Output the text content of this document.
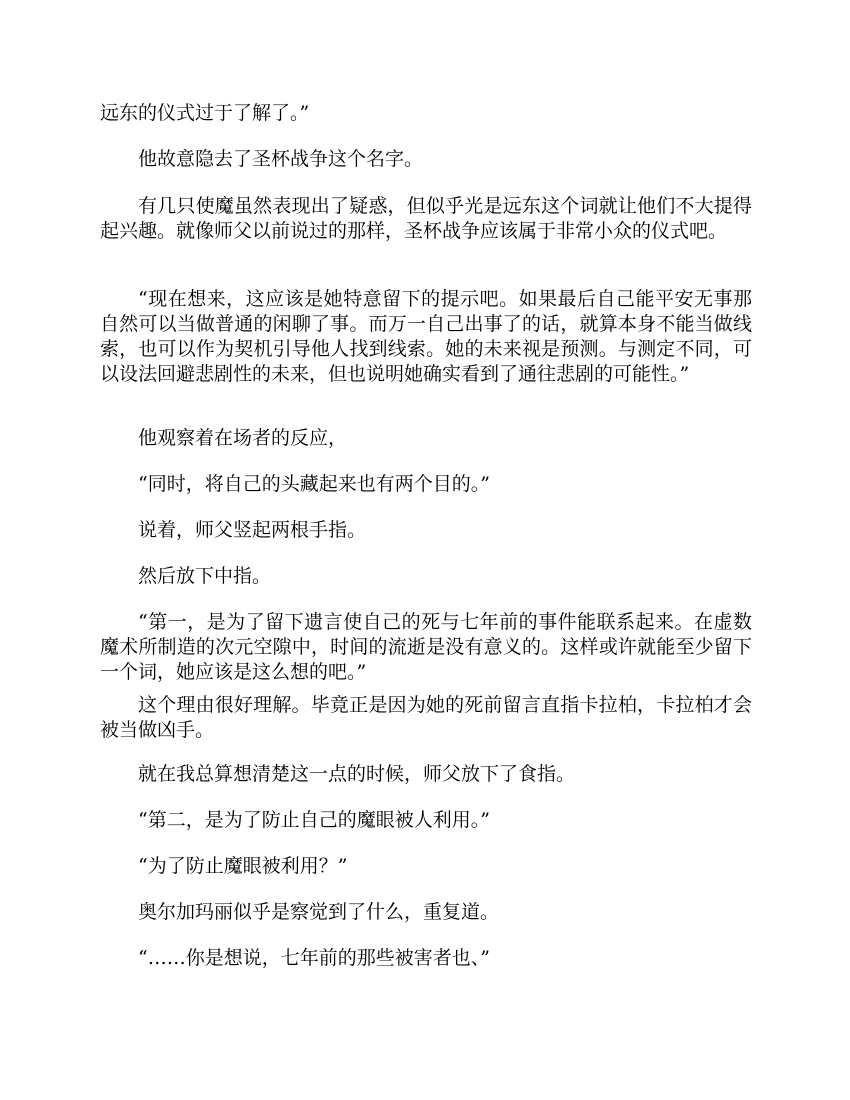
远东的仪式过于了解了。”

他故意隐去了圣杯战争这个名字。

有几只使魔虽然表现出了疑惑，但似乎光是远东这个词就让他们不大提得起兴趣。就像师父以前说过的那样，圣杯战争应该属于非常小众的仪式吧。

“现在想来，这应该是她特意留下的提示吧。如果最后自己能平安无事那自然可以当做普通的闲聊了事。而万一自己出事了的话，就算本身不能当做线索，也可以作为契机引导他人找到线索。她的未来视是预测。与测定不同，可以设法回避悲剧性的未来，但也说明她确实看到了通往悲剧的可能性。”

他观察着在场者的反应，

“同时，将自己的头藏起来也有两个目的。”

说着，师父竖起两根手指。

然后放下中指。

“第一，是为了留下遗言使自己的死与七年前的事件能联系起来。在虚数魔术所制造的次元空隙中，时间的流逝是没有意义的。这样或许就能至少留下一个词，她应该是这么想的吧。”

这个理由很好理解。毕竟正是因为她的死前留言直指卡拉柏，卡拉柏才会被当做凶手。

就在我总算想清楚这一点的时候，师父放下了食指。

“第二，是为了防止自己的魔眼被人利用。”

“为了防止魔眼被利用？”

奥尔加玛丽似乎是察觉到了什么，重复道。

“……你是想说，七年前的那些被害者也、”
